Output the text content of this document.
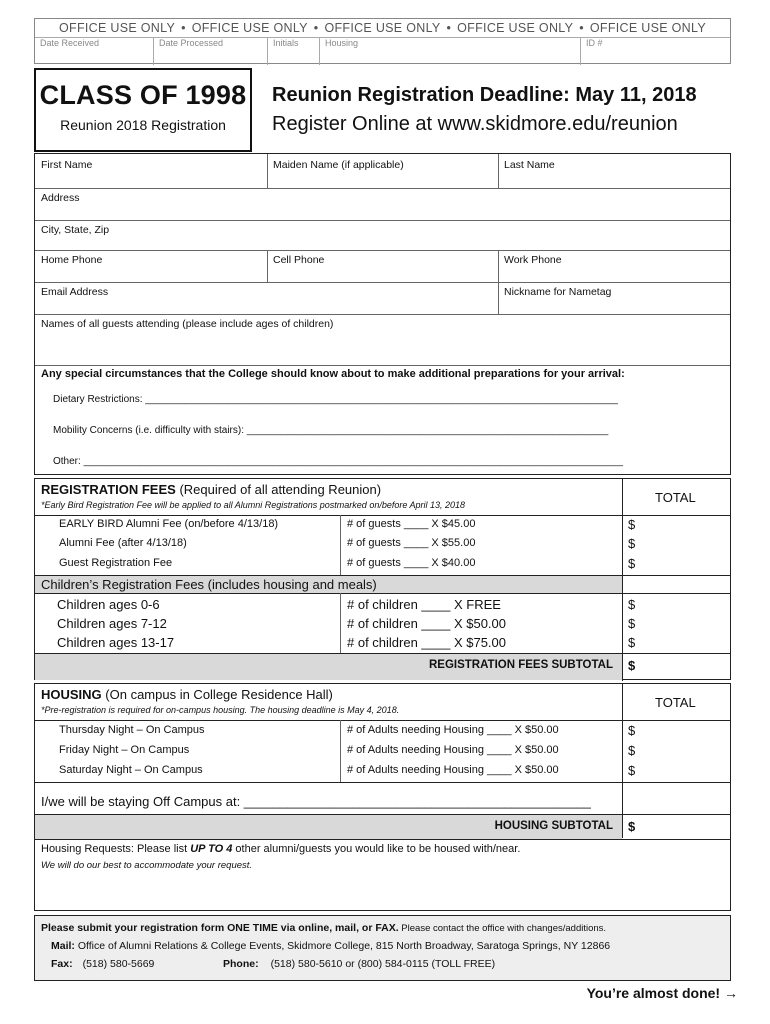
OFFICE USE ONLY • OFFICE USE ONLY • OFFICE USE ONLY • OFFICE USE ONLY • OFFICE USE ONLY
Date Received	Date Processed	Initials	Housing	ID #
CLASS OF 1998
Reunion 2018 Registration
Reunion Registration Deadline: May 11, 2018
Register Online at www.skidmore.edu/reunion
First Name	Maiden Name (if applicable)	Last Name
Address
City, State, Zip
Home Phone	Cell Phone	Work Phone
Email Address	Nickname for Nametag
Names of all guests attending (please include ages of children)
Any special circumstances that the College should know about to make additional preparations for your arrival:
Dietary Restrictions: _____________________________________________________________________________________
Mobility Concerns (i.e. difficulty with stairs): _________________________________________________________________
Other: _________________________________________________________________________________________________
REGISTRATION FEES (Required of all attending Reunion)
*Early Bird Registration Fee will be applied to all Alumni Registrations postmarked on/before April 13, 2018	TOTAL
EARLY BIRD Alumni Fee (on/before 4/13/18)	# of guests ____ X $45.00	$
Alumni Fee (after 4/13/18)	# of guests ____ X $55.00	$
Guest Registration Fee	# of guests ____ X $40.00	$
Children’s Registration Fees (includes housing and meals)
Children ages 0-6	# of children ____ X FREE	$
Children ages 7-12	# of children ____ X $50.00	$
Children ages 13-17	# of children ____ X $75.00	$
REGISTRATION FEES SUBTOTAL $
HOUSING (On campus in College Residence Hall)
*Pre-registration is required for on-campus housing. The housing deadline is May 4, 2018.	TOTAL
Thursday Night – On Campus	# of Adults needing Housing ____ X $50.00	$
Friday Night – On Campus	# of Adults needing Housing ____ X $50.00	$
Saturday Night – On Campus	# of Adults needing Housing ____ X $50.00	$
I/we will be staying Off Campus at: ________________________________________________
HOUSING SUBTOTAL $
Housing Requests: Please list UP TO 4 other alumni/guests you would like to be housed with/near.
We will do our best to accommodate your request.
Please submit your registration form ONE TIME via online, mail, or FAX. Please contact the office with changes/additions.
Mail: Office of Alumni Relations & College Events, Skidmore College, 815 North Broadway, Saratoga Springs, NY 12866
Fax: (518) 580-5669	Phone: (518) 580-5610 or (800) 584-0115 (TOLL FREE)
You’re almost done! →
